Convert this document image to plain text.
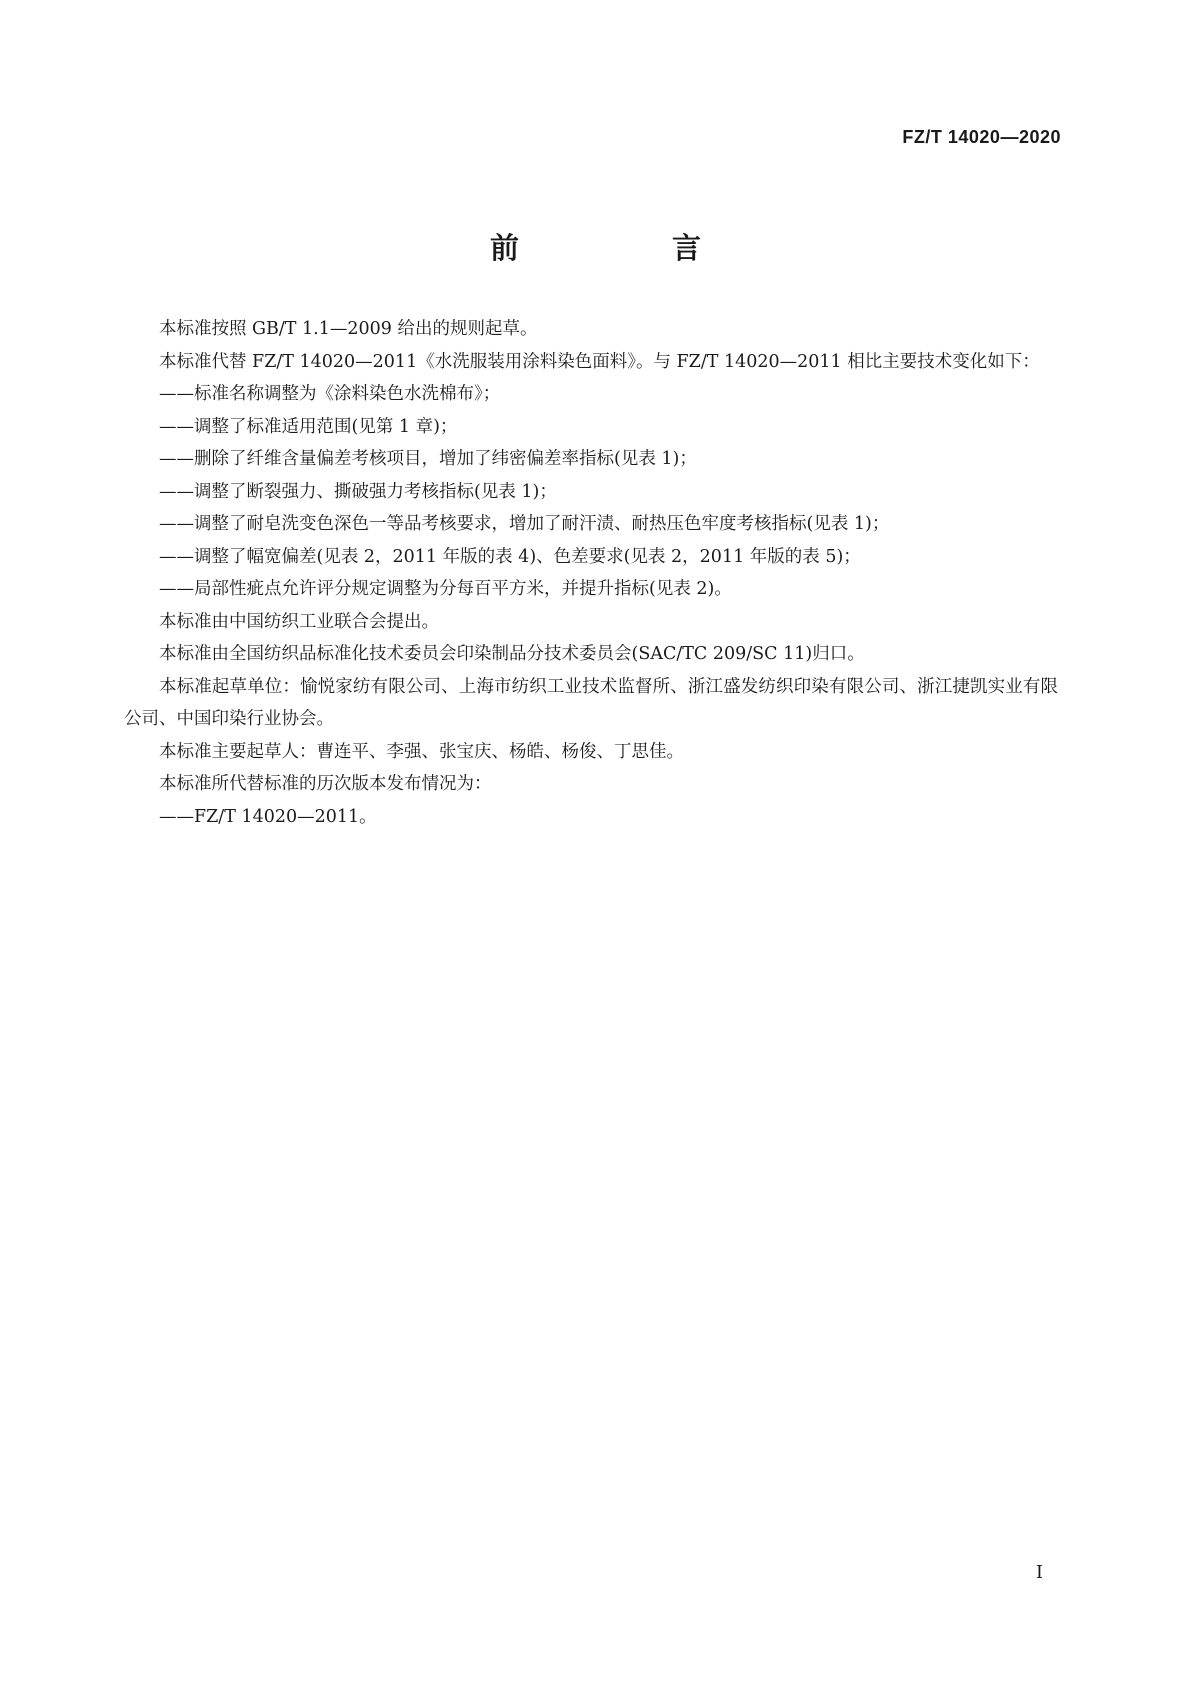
FZ/T 14020—2020
前　言

本标准按照 GB/T 1.1—2009 给出的规则起草。

本标准代替 FZ/T 14020—2011《水洗服装用涂料染色面料》。与 FZ/T 14020—2011 相比主要技术变化如下：

——标准名称调整为《涂料染色水洗棉布》；

——调整了标准适用范围(见第 1 章)；

——删除了纤维含量偏差考核项目，增加了纬密偏差率指标(见表 1)；

——调整了断裂强力、撕破强力考核指标(见表 1)；

——调整了耐皂洗变色深色一等品考核要求，增加了耐汗渍、耐热压色牢度考核指标(见表 1)；

——调整了幅宽偏差(见表 2，2011 年版的表 4)、色差要求(见表 2，2011 年版的表 5)；

——局部性疵点允许评分规定调整为分每百平方米，并提升指标(见表 2)。

本标准由中国纺织工业联合会提出。

本标准由全国纺织品标准化技术委员会印染制品分技术委员会(SAC/TC 209/SC 11)归口。

本标准起草单位：愉悦家纺有限公司、上海市纺织工业技术监督所、浙江盛发纺织印染有限公司、浙江捷凯实业有限公司、中国印染行业协会。

本标准主要起草人：曹连平、李强、张宝庆、杨皓、杨俊、丁思佳。

本标准所代替标准的历次版本发布情况为：

——FZ/T 14020—2011。

I
